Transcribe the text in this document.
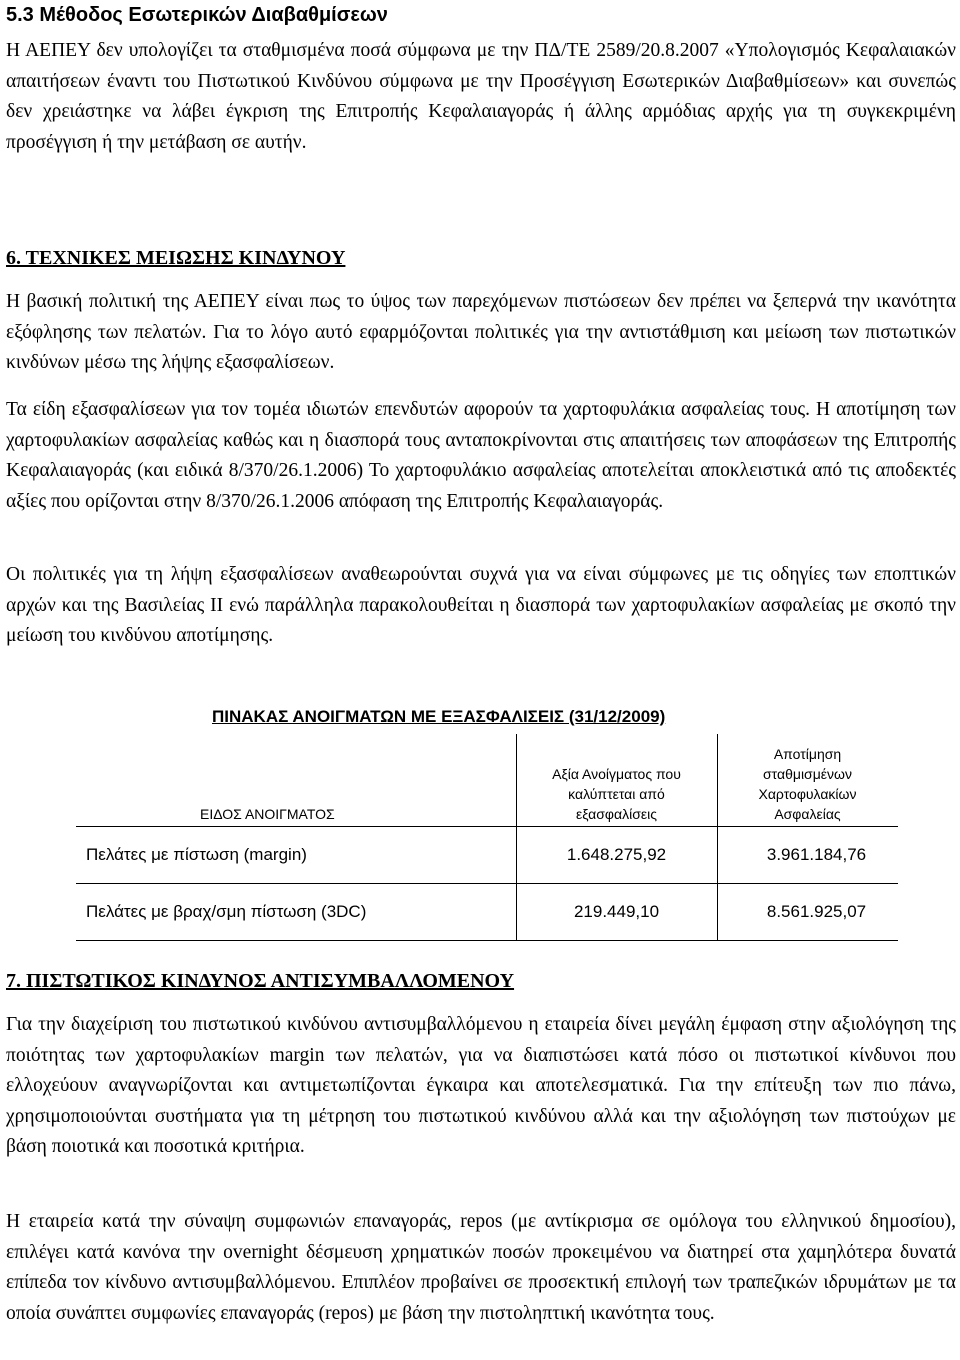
5.3 Μέθοδος Εσωτερικών Διαβαθμίσεων

Η ΑΕΠΕΥ δεν υπολογίζει τα σταθμισμένα ποσά σύμφωνα με την ΠΔ/ΤΕ 2589/20.8.2007 «Υπολογισμός Κεφαλαιακών απαιτήσεων έναντι του Πιστωτικού Κινδύνου σύμφωνα με την Προσέγγιση Εσωτερικών Διαβαθμίσεων» και συνεπώς δεν χρειάστηκε να λάβει έγκριση της Επιτροπής Κεφαλαιαγοράς ή άλλης αρμόδιας αρχής για τη συγκεκριμένη προσέγγιση ή την μετάβαση σε αυτήν.

6. ΤΕΧΝΙΚΕΣ ΜΕΙΩΣΗΣ ΚΙΝΔΥΝΟΥ

Η βασική πολιτική της ΑΕΠΕΥ είναι πως το ύψος των παρεχόμενων πιστώσεων δεν πρέπει να ξεπερνά την ικανότητα εξόφλησης των πελατών. Για το λόγο αυτό εφαρμόζονται πολιτικές για την αντιστάθμιση και μείωση των πιστωτικών κινδύνων μέσω της λήψης εξασφαλίσεων.

Τα είδη εξασφαλίσεων για τον τομέα ιδιωτών επενδυτών αφορούν τα χαρτοφυλάκια ασφαλείας τους. Η αποτίμηση των χαρτοφυλακίων ασφαλείας καθώς και η διασπορά τους ανταποκρίνονται στις απαιτήσεις των αποφάσεων της Επιτροπής Κεφαλαιαγοράς (και ειδικά 8/370/26.1.2006) Το χαρτοφυλάκιο ασφαλείας αποτελείται αποκλειστικά από τις αποδεκτές αξίες που ορίζονται στην 8/370/26.1.2006 απόφαση της Επιτροπής Κεφαλαιαγοράς.

Οι πολιτικές για τη λήψη εξασφαλίσεων αναθεωρούνται συχνά για να είναι σύμφωνες με τις οδηγίες των εποπτικών αρχών και της Βασιλείας ΙΙ ενώ παράλληλα παρακολουθείται η διασπορά των χαρτοφυλακίων ασφαλείας με σκοπό την μείωση του κινδύνου αποτίμησης.

ΠΙΝΑΚΑΣ ΑΝΟΙΓΜΑΤΩΝ ΜΕ ΕΞΑΣΦΑΛΙΣΕΙΣ (31/12/2009)

ΕΙΔΟΣ ΑΝΟΙΓΜΑΤΟΣ	Αξία Ανοίγματος που καλύπτεται από εξασφαλίσεις	Αποτίμηση σταθμισμένων Χαρτοφυλακίων Ασφαλείας

Πελάτες με πίστωση (margin)	1.648.275,92	3.961.184,76
Πελάτες με βραχ/σμη πίστωση (3DC)	219.449,10	8.561.925,07
7. ΠΙΣΤΩΤΙΚΟΣ ΚΙΝΔΥΝΟΣ ΑΝΤΙΣΥΜΒΑΛΛΟΜΕΝΟΥ

Για την διαχείριση του πιστωτικού κινδύνου αντισυμβαλλόμενου η εταιρεία δίνει μεγάλη έμφαση στην αξιολόγηση της ποιότητας των χαρτοφυλακίων margin των πελατών, για να διαπιστώσει κατά πόσο οι πιστωτικοί κίνδυνοι που ελλοχεύουν αναγνωρίζονται και αντιμετωπίζονται έγκαιρα και αποτελεσματικά. Για την επίτευξη των πιο πάνω, χρησιμοποιούνται συστήματα για τη μέτρηση του πιστωτικού κινδύνου αλλά και την αξιολόγηση των πιστούχων με βάση ποιοτικά και ποσοτικά κριτήρια.

Η εταιρεία κατά την σύναψη συμφωνιών επαναγοράς, repos (με αντίκρισμα σε ομόλογα του ελληνικού δημοσίου), επιλέγει κατά κανόνα την overnight δέσμευση χρηματικών ποσών προκειμένου να διατηρεί στα χαμηλότερα δυνατά επίπεδα τον κίνδυνο αντισυμβαλλόμενου. Επιπλέον προβαίνει σε προσεκτική επιλογή των τραπεζικών ιδρυμάτων με τα οποία συνάπτει συμφωνίες επαναγοράς (repos) με βάση την πιστοληπτική ικανότητα τους.
